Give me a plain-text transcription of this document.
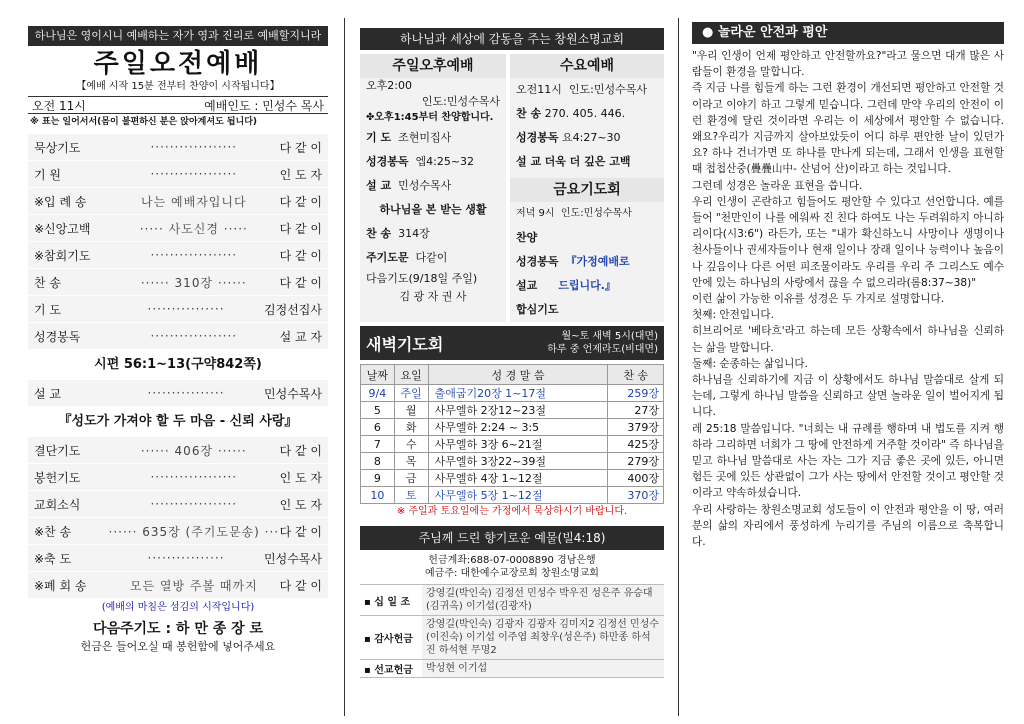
하나님은 영이시니 예배하는 자가 영과 진리로 예배할지니라
주일오전예배
【예배 시작 15분 전부터 찬양이 시작됩니다】
오전 11시	예배인도 : 민성수 목사
※ 표는 일어서서(몸이 불편하신 분은 앉아계셔도 됩니다)
묵상기도	··················	다 같 이
기 원	··················	인 도 자
※입 례 송	나는 예배자입니다	다 같 이
※신앙고백	····· 사도신경 ·····	다 같 이
※참회기도	··················	다 같 이
찬 송	······ 310장 ······	다 같 이
기 도	················	김정선집사
성경봉독	··················	설 교 자
시편 56:1~13(구약842쪽)
설 교	················	민성수목사
『성도가 가져야 할 두 마음 - 신뢰 사랑』
결단기도	······ 406장 ······	다 같 이
봉헌기도	··················	인 도 자
교회소식	··················	인 도 자
※찬 송	······ 635장 (주기도문송) ··· 다 같 이
※축 도	················	민성수목사
※폐 회 송	모든 열방 주볼 때까지	다 같 이
(예배의 마침은 섬김의 시작입니다)
다음주기도 : 하 만 종 장 로
헌금은 들어오실 때 봉헌함에 넣어주세요
하나님과 세상에 감동을 주는 창원소명교회
주일오후예배
오후2:00
인도:민성수목사
✤오후1:45부터 찬양합니다.
기 도 조현미집사
성경봉독 엡4:25~32
설 교 민성수목사
하나님을 본 받는 생활
찬 송 314장
주기도문 다같이
다음기도(9/18일 주일)
김 광 자 권 사
수요예배
오전11시 인도:민성수목사
찬 송 270. 405. 446.
성경봉독 요4:27~30
설 교 더욱 더 깊은 고백
금요기도회
저녁 9시 인도:민성수목사
찬양
성경봉독 『가정예배로
설교 드립니다.』
합심기도
새벽기도회	월~토 새벽 5시(대면)
하루 중 언제라도(비대면)
날짜	요일	성 경 말 씀	찬 송
9/4	주일	출애굽기20장 1~17절	259장
5	월	사무엘하 2장12~23절	27장
6	화	사무엘하 2:24 ~ 3:5	379장
7	수	사무엘하 3장 6~21절	425장
8	목	사무엘하 3장22~39절	279장
9	금	사무엘하 4장 1~12절	400장
10	토	사무엘하 5장 1~12절	370장
※ 주일과 토요일에는 가정에서 묵상하시기 바랍니다.
주님께 드린 향기로운 예물(빌4:18)
헌금계좌:688-07-0008890 경남은행
예금주: 대한예수교장로회 창원소명교회
▪ 십 일 조
강영길(박인숙) 김정선 민성수 박우진 성은주 유승대(김귀옥) 이기섭(김광자)
▪ 감사헌금
강영길(박인숙) 김광자 김광자 김미지2 김정선 민성수(이진숙) 이기섭 이주엽 최창우(성은주) 하만종 하석진 하석현 무명2
▪ 선교헌금	박성현 이기섭
● 놀라운 안전과 평안

"우리 인생이 언제 평안하고 안전할까요?"라고 물으면 대개 많은 사람들이 환경을 말합니다.

즉 지금 나를 힘들게 하는 그런 환경이 개선되면 평안하고 안전할 것이라고 이야기 하고 그렇게 믿습니다. 그런데 만약 우리의 안전이 이런 환경에 달린 것이라면 우리는 이 세상에서 평안할 수 없습니다. 왜요?우리가 지금까지 살아보았듯이 어디 하루 편안한 날이 있던가요? 하나 건너가면 또 하나를 만나게 되는데, 그래서 인생을 표현할 때 첩첩산중(疊疊山中- 산넘어 산)이라고 하는 것입니다.

그런데 성경은 놀라운 표현을 씁니다.

우리 인생이 곤란하고 힘들어도 평안할 수 있다고 선언합니다. 예를들어 "천만인이 나를 에워싸 진 친다 하여도 나는 두려워하지 아니하리이다(시3:6") 라든가, 또는 "내가 확신하노니 사망이나 생명이나 천사들이나 권세자들이나 현재 일이나 장래 일이나 능력이나 높음이나 깊음이나 다른 어떤 피조물이라도 우리를 우리 주 그리스도 예수 안에 있는 하나님의 사랑에서 끊을 수 없으리라(롬8:37~38)"

이런 삶이 가능한 이유를 성경은 두 가지로 설명합니다.

첫째: 안전입니다.

히브리어로 '베타흐'라고 하는데 모든 상황속에서 하나님을 신뢰하는 삶을 말합니다.

둘째: 순종하는 삶입니다.

하나님을 신뢰하기에 지금 이 상황에서도 하나님 말씀대로 살게 되는데, 그렇게 하나님 말씀을 신뢰하고 살면 놀라운 일이 벌어지게 됩니다.

레 25:18 말씀입니다. "너희는 내 규례를 행하며 내 법도를 지켜 행하라 그리하면 너희가 그 땅에 안전하게 거주할 것이라" 즉 하나님을 믿고 하나님 말씀대로 사는 자는 그가 지금 좋은 곳에 있든, 아니면 험든 곳에 있든 상관없이 그가 사는 땅에서 안전할 것이고 평안할 것이라고 약속하셨습니다.

우리 사랑하는 창원소명교회 성도들이 이 안전과 평안을 이 땅, 여러분의 삶의 자리에서 풍성하게 누리기를 주님의 이름으로 축복합니다.
